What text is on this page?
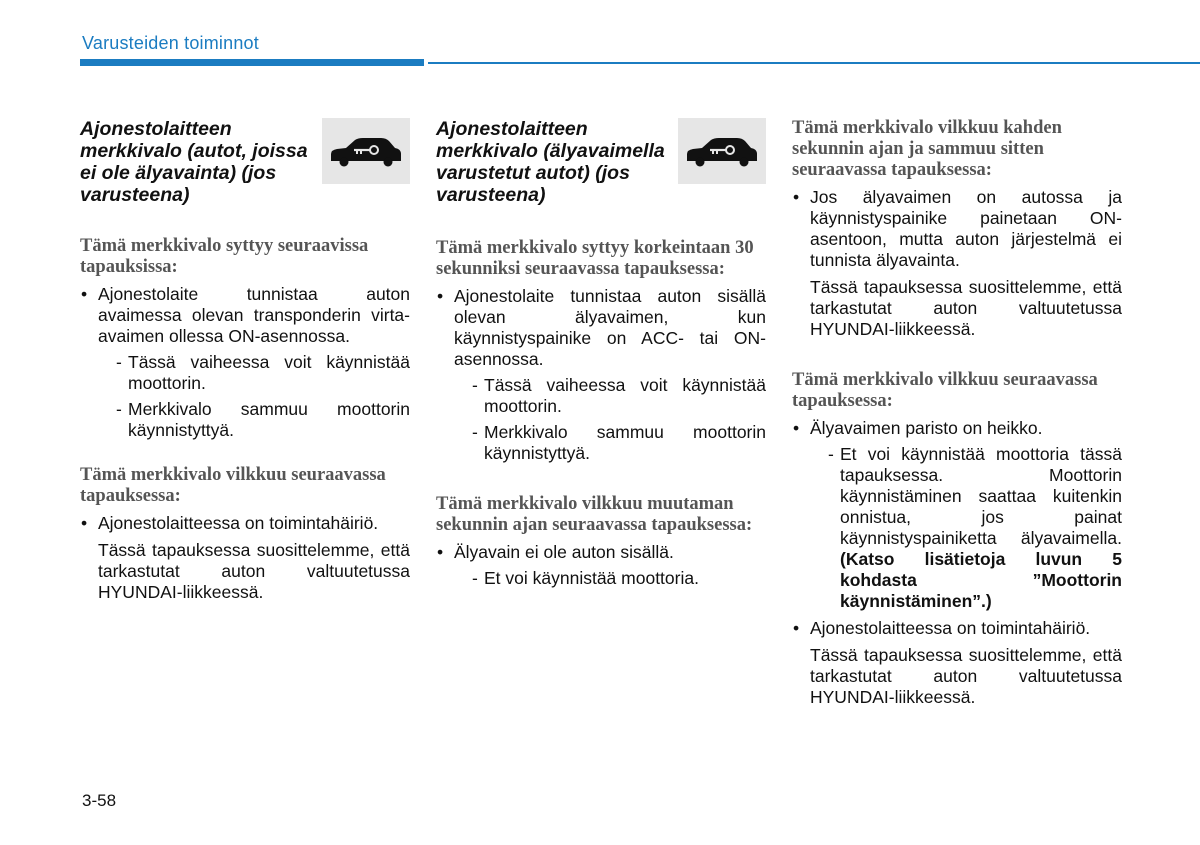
Varusteiden toiminnot
Ajonestolaitteen merkkivalo (autot, joissa ei ole älyavainta) (jos varusteena)

Tämä merkkivalo syttyy seuraavissa tapauksissa:

• Ajonestolaite tunnistaa auton avaimessa olevan transponderin virta-avaimen ollessa ON-asennossa.
- Tässä vaiheessa voit käynnistää moottorin.
- Merkkivalo sammuu moottorin käynnistyttyä.

Tämä merkkivalo vilkkuu seuraavassa tapauksessa:

• Ajonestolaitteessa on toimintahäiriö.
Tässä tapauksessa suosittelemme, että tarkastutat auton valtuutetussa HYUNDAI-liikkeessä.
Ajonestolaitteen merkkivalo (älyavaimella varustetut autot) (jos varusteena)

Tämä merkkivalo syttyy korkeintaan 30 sekunniksi seuraavassa tapauksessa:

• Ajonestolaite tunnistaa auton sisällä olevan älyavaimen, kun käynnistyspainike on ACC- tai ON-asennossa.
- Tässä vaiheessa voit käynnistää moottorin.
- Merkkivalo sammuu moottorin käynnistyttyä.

Tämä merkkivalo vilkkuu muutaman sekunnin ajan seuraavassa tapauksessa:

• Älyavain ei ole auton sisällä.
- Et voi käynnistää moottoria.

Tämä merkkivalo vilkkuu kahden sekunnin ajan ja sammuu sitten seuraavassa tapauksessa:

• Jos älyavaimen on autossa ja käynnistyspainike painetaan ON-asentoon, mutta auton järjestelmä ei tunnista älyavainta.
Tässä tapauksessa suosittelemme, että tarkastutat auton valtuutetussa HYUNDAI-liikkeessä.

Tämä merkkivalo vilkkuu seuraavassa tapauksessa:

• Älyavaimen paristo on heikko.
- Et voi käynnistää moottoria tässä tapauksessa. Moottorin käynnistäminen saattaa kuitenkin onnistua, jos painat käynnistyspainiketta älyavaimella. (Katso lisätietoja luvun 5 kohdasta ”Moottorin käynnistäminen”.)
• Ajonestolaitteessa on toimintahäiriö.
Tässä tapauksessa suosittelemme, että tarkastutat auton valtuutetussa HYUNDAI-liikkeessä.
3-58
